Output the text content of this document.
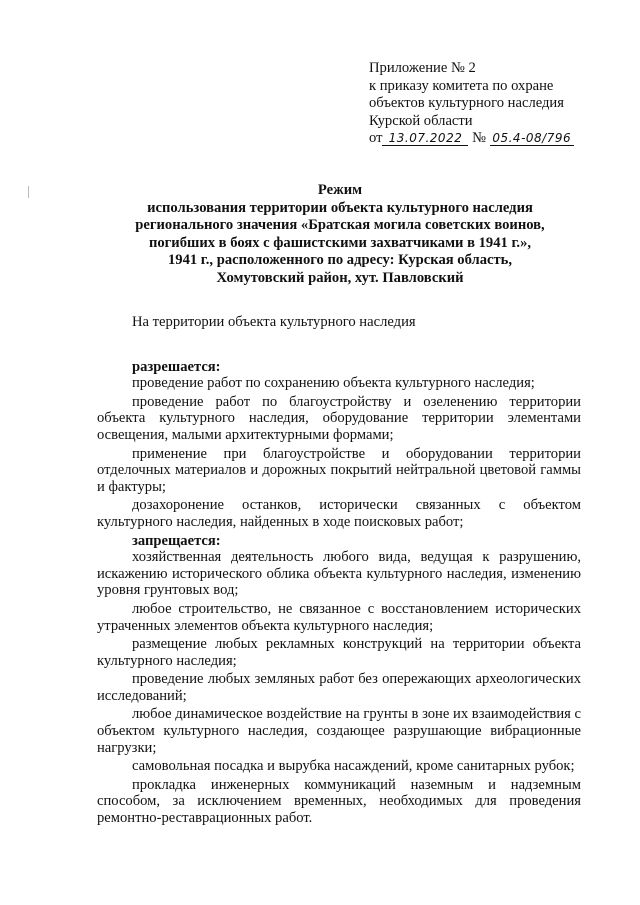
Приложение № 2
к приказу комитета по охране
объектов культурного наследия
Курской области
от 13.07.2022 № 05.4-08/796
Режим
использования территории объекта культурного наследия
регионального значения «Братская могила советских воинов,
погибших в боях с фашистскими захватчиками в 1941 г.»,
1941 г., расположенного по адресу: Курская область,
Хомутовский район, хут. Павловский

На территории объекта культурного наследия

разрешается:

проведение работ по сохранению объекта культурного наследия;

проведение работ по благоустройству и озеленению территории объекта культурного наследия, оборудование территории элементами освещения, малыми архитектурными формами;

применение при благоустройстве и оборудовании территории отделочных материалов и дорожных покрытий нейтральной цветовой гаммы и фактуры;

дозахоронение останков, исторически связанных с объектом культурного наследия, найденных в ходе поисковых работ;

запрещается:

хозяйственная деятельность любого вида, ведущая к разрушению, искажению исторического облика объекта культурного наследия, изменению уровня грунтовых вод;

любое строительство, не связанное с восстановлением исторических утраченных элементов объекта культурного наследия;

размещение любых рекламных конструкций на территории объекта культурного наследия;

проведение любых земляных работ без опережающих археологических исследований;

любое динамическое воздействие на грунты в зоне их взаимодействия с объектом культурного наследия, создающее разрушающие вибрационные нагрузки;

самовольная посадка и вырубка насаждений, кроме санитарных рубок;

прокладка инженерных коммуникаций наземным и надземным способом, за исключением временных, необходимых для проведения ремонтно-реставрационных работ.
